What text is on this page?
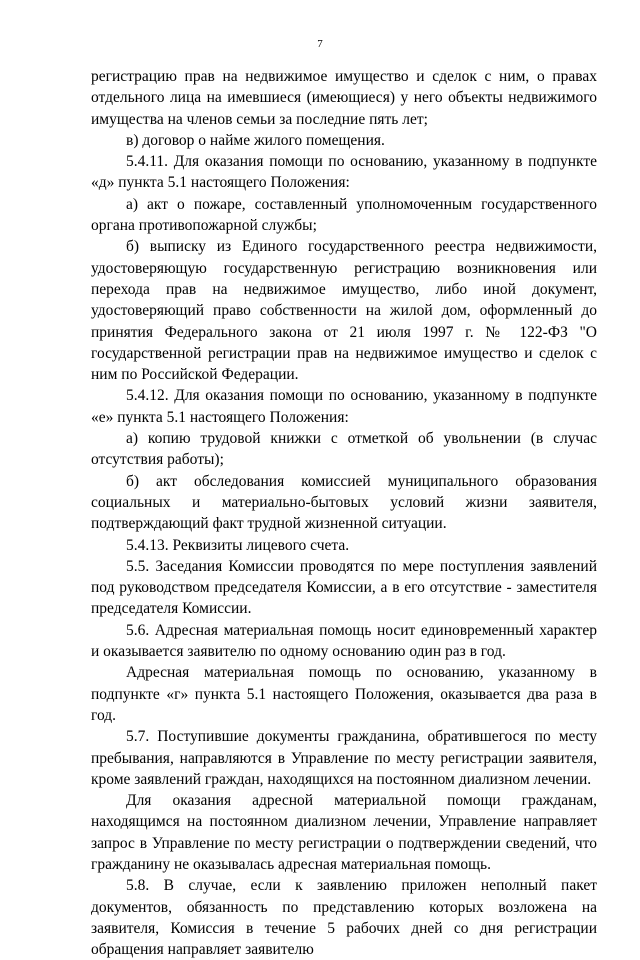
7

регистрацию прав на недвижимое имущество и сделок с ним, о правах отдельного лица на имевшиеся (имеющиеся) у него объекты недвижимого имущества на членов семьи за последние пять лет;

в) договор о найме жилого помещения.

5.4.11. Для оказания помощи по основанию, указанному в подпункте «д» пункта 5.1 настоящего Положения:

а) акт о пожаре, составленный уполномоченным государственного органа противопожарной службы;

б) выписку из Единого государственного реестра недвижимости, удостоверяющую государственную регистрацию возникновения или перехода прав на недвижимое имущество, либо иной документ, удостоверяющий право собственности на жилой дом, оформленный до принятия Федерального закона от 21 июля 1997 г. № 122-ФЗ "О государственной регистрации прав на недвижимое имущество и сделок с ним по Российской Федерации.

5.4.12. Для оказания помощи по основанию, указанному в подпункте «е» пункта 5.1 настоящего Положения:

а) копию трудовой книжки с отметкой об увольнении (в случас отсутствия работы);

б) акт обследования комиссией муниципального образования социальных и материально-бытовых условий жизни заявителя, подтверждающий факт трудной жизненной ситуации.

5.4.13. Реквизиты лицевого счета.

5.5. Заседания Комиссии проводятся по мере поступления заявлений под руководством председателя Комиссии, а в его отсутствие - заместителя председателя Комиссии.

5.6. Адресная материальная помощь носит единовременный характер и оказывается заявителю по одному основанию один раз в год.

Адресная материальная помощь по основанию, указанному в подпункте «г» пункта 5.1 настоящего Положения, оказывается два раза в год.

5.7. Поступившие документы гражданина, обратившегося по месту пребывания, направляются в Управление по месту регистрации заявителя, кроме заявлений граждан, находящихся на постоянном диализном лечении.

Для оказания адресной материальной помощи гражданам, находящимся на постоянном диализном лечении, Управление направляет запрос в Управление по месту регистрации о подтверждении сведений, что гражданину не оказывалась адресная материальная помощь.

5.8. В случае, если к заявлению приложен неполный пакет документов, обязанность по представлению которых возложена на заявителя, Комиссия в течение 5 рабочих дней со дня регистрации обращения направляет заявителю
